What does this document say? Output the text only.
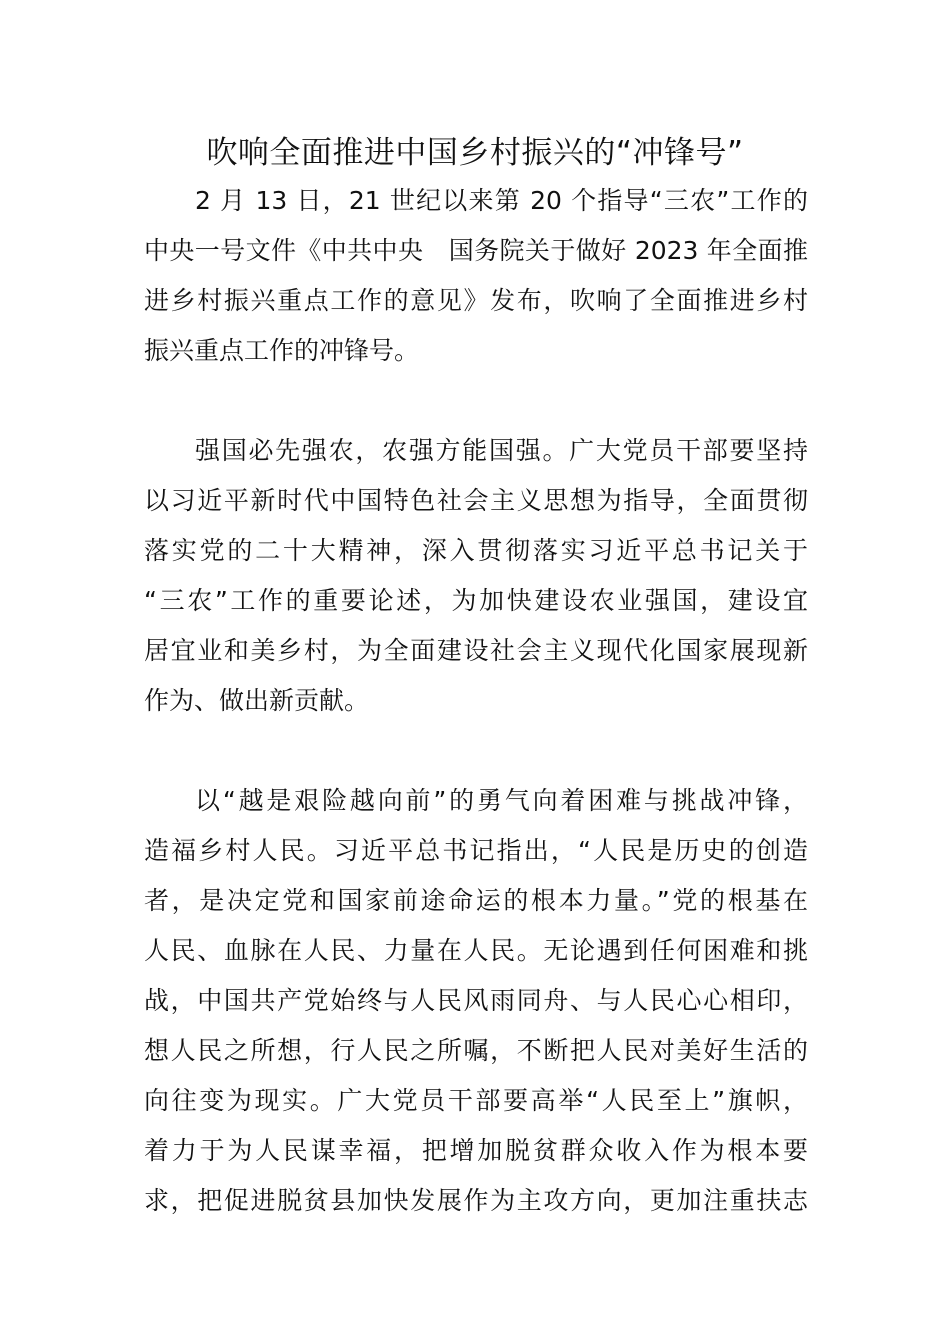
吹响全面推进中国乡村振兴的“冲锋号”

2 月 13 日，21 世纪以来第 20 个指导“三农”工作的
中央一号文件《中共中央　国务院关于做好 2023 年全面推
进乡村振兴重点工作的意见》发布，吹响了全面推进乡村
振兴重点工作的冲锋号。

强国必先强农，农强方能国强。广大党员干部要坚持
以习近平新时代中国特色社会主义思想为指导，全面贯彻
落实党的二十大精神，深入贯彻落实习近平总书记关于
“三农”工作的重要论述，为加快建设农业强国，建设宜
居宜业和美乡村，为全面建设社会主义现代化国家展现新
作为、做出新贡献。

以“越是艰险越向前”的勇气向着困难与挑战冲锋，
造福乡村人民。习近平总书记指出，“人民是历史的创造
者，是决定党和国家前途命运的根本力量。”党的根基在
人民、血脉在人民、力量在人民。无论遇到任何困难和挑
战，中国共产党始终与人民风雨同舟、与人民心心相印，
想人民之所想，行人民之所嘱，不断把人民对美好生活的
向往变为现实。广大党员干部要高举“人民至上”旗帜，
着力于为人民谋幸福，把增加脱贫群众收入作为根本要
求，把促进脱贫县加快发展作为主攻方向，更加注重扶志
